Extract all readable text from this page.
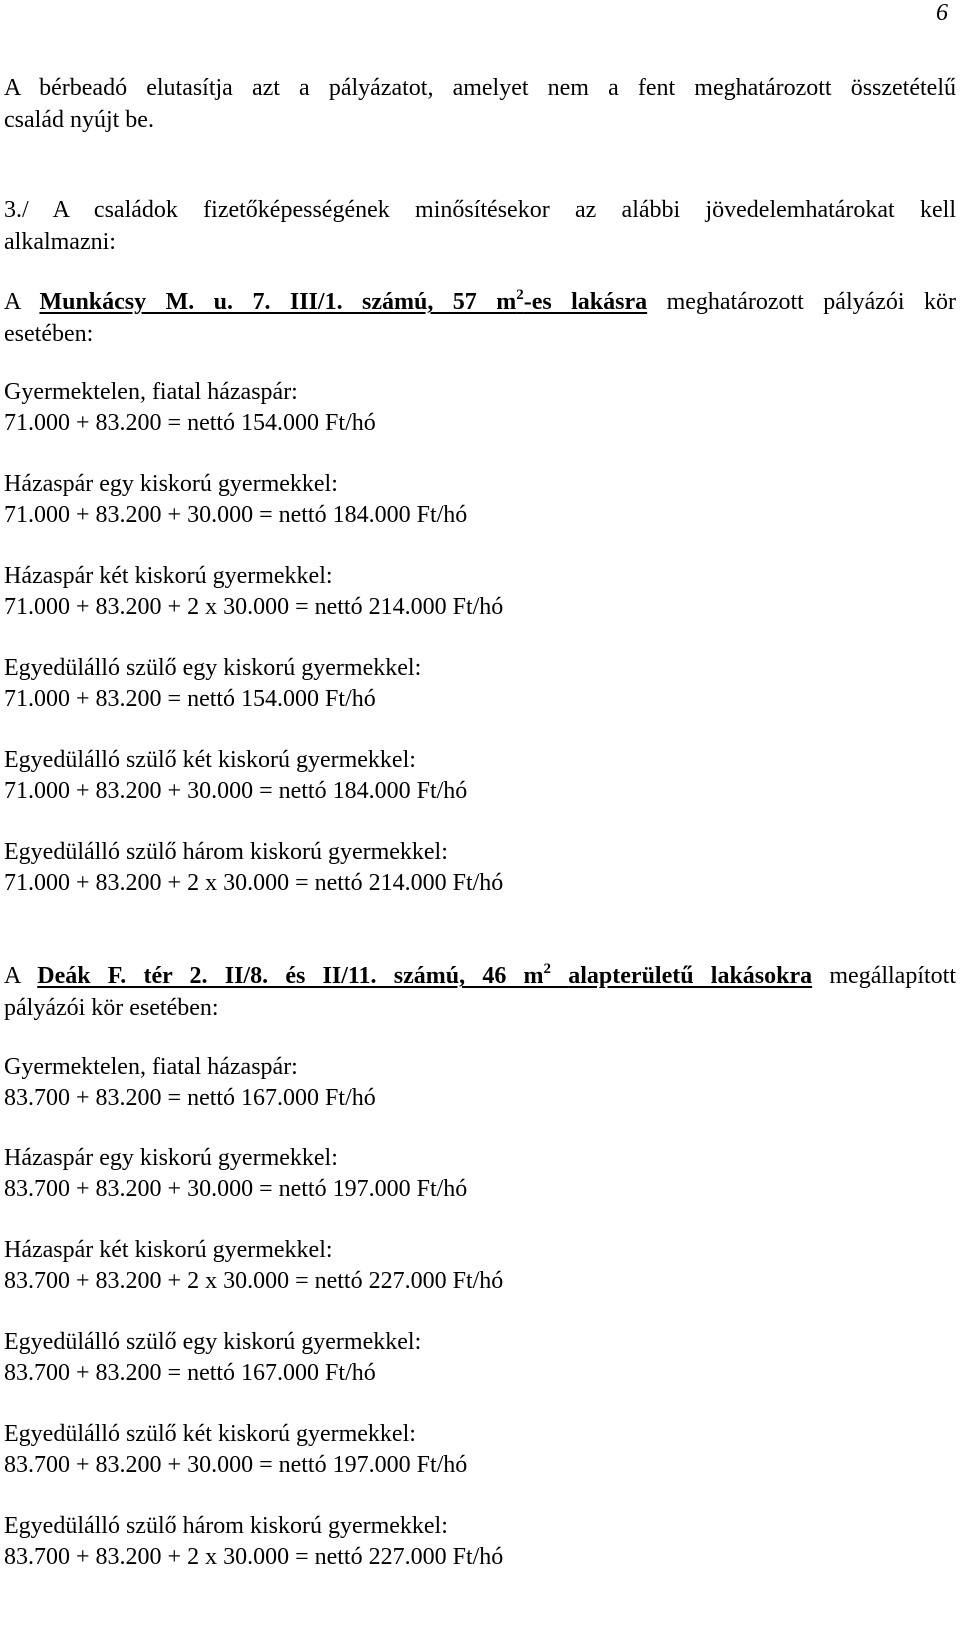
6
A bérbeadó elutasítja azt a pályázatot, amelyet nem a fent meghatározott összetételű
család nyújt be.
3./ A családok fizetőképességének minősítésekor az alábbi jövedelemhatárokat kell
alkalmazni:
A Munkácsy M. u. 7. III/1. számú, 57 $m^2-es$ lakásra meghatározott pályázói kör
esetében:
Gyermektelen, fiatal házaspár:
71.000 + 83.200 = nettó 154.000 Ft/hó
Házaspár egy kiskorú gyermekkel:
71.000 + 83.200 + 30.000 = nettó 184.000 Ft/hó
Házaspár két kiskorú gyermekkel:
71.000 + 83.200 + 2 x 30.000 = nettó 214.000 Ft/hó
Egyedülálló szülő egy kiskorú gyermekkel:
71.000 + 83.200 = nettó 154.000 Ft/hó
Egyedülálló szülő két kiskorú gyermekkel:
71.000 + 83.200 + 30.000 = nettó 184.000 Ft/hó
Egyedülálló szülő három kiskorú gyermekkel:
71.000 + 83.200 + 2 x 30.000 = nettó 214.000 Ft/hó
A Deák F. tér 2. II/8. és II/11. számú, 46 $m^2$ alapterületű lakásokra megállapított
pályázói kör esetében:
Gyermektelen, fiatal házaspár:
83.700 + 83.200 = nettó 167.000 Ft/hó
Házaspár egy kiskorú gyermekkel:
83.700 + 83.200 + 30.000 = nettó 197.000 Ft/hó
Házaspár két kiskorú gyermekkel:
83.700 + 83.200 + 2 x 30.000 = nettó 227.000 Ft/hó
Egyedülálló szülő egy kiskorú gyermekkel:
83.700 + 83.200 = nettó 167.000 Ft/hó
Egyedülálló szülő két kiskorú gyermekkel:
83.700 + 83.200 + 30.000 = nettó 197.000 Ft/hó
Egyedülálló szülő három kiskorú gyermekkel:
83.700 + 83.200 + 2 x 30.000 = nettó 227.000 Ft/hó
